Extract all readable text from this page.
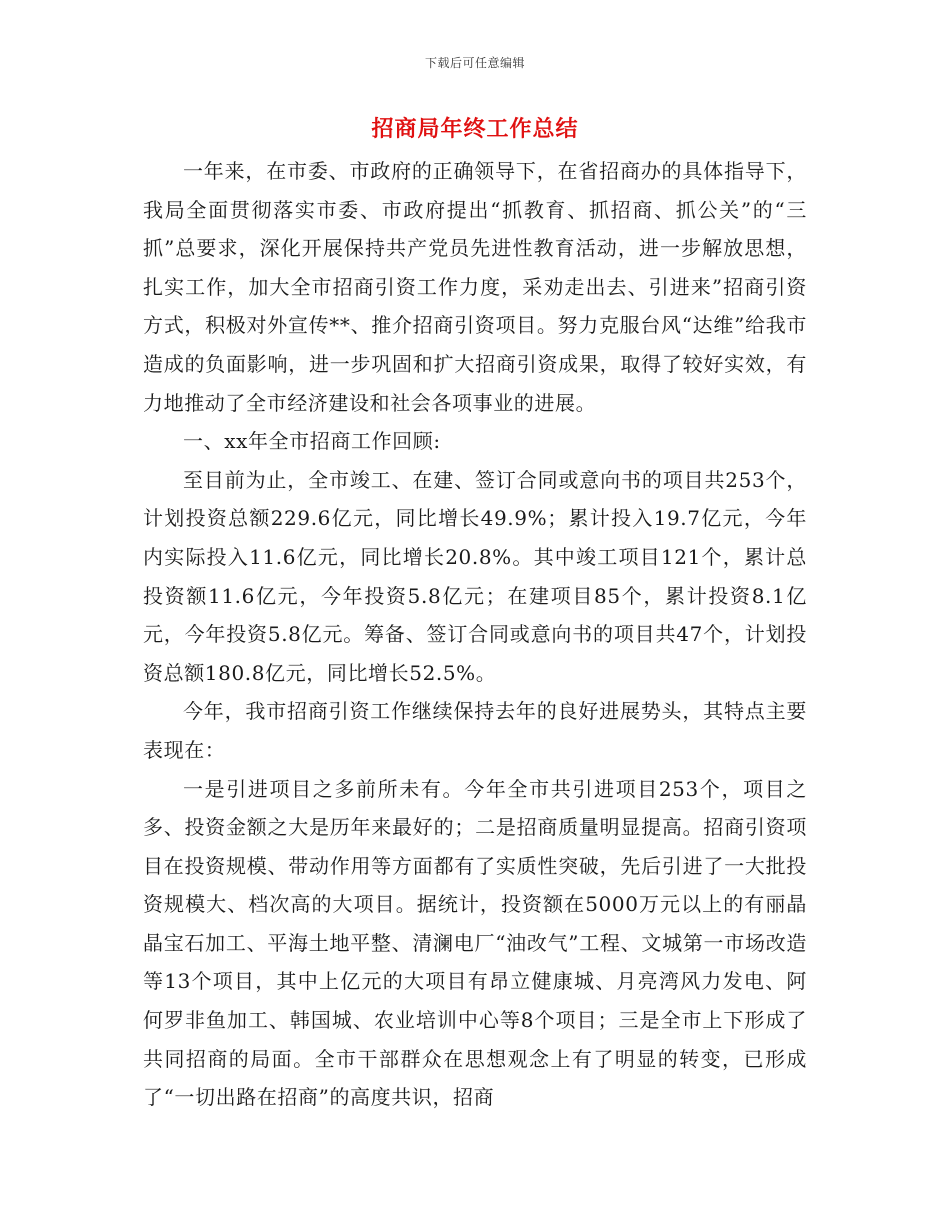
下载后可任意编辑
招商局年终工作总结

一年来，在市委、市政府的正确领导下，在省招商办的具体指导下，我局全面贯彻落实市委、市政府提出“抓教育、抓招商、抓公关”的“三抓”总要求，深化开展保持共产党员先进性教育活动，进一步解放思想，扎实工作，加大全市招商引资工作力度，采劝走出去、引进来”招商引资方式，积极对外宣传**、推介招商引资项目。努力克服台风“达维”给我市造成的负面影响，进一步巩固和扩大招商引资成果，取得了较好实效，有力地推动了全市经济建设和社会各项事业的进展。

一、xx年全市招商工作回顾:

至目前为止，全市竣工、在建、签订合同或意向书的项目共253个，计划投资总额229.6亿元，同比增长49.9%；累计投入19.7亿元，今年内实际投入11.6亿元，同比增长20.8%。其中竣工项目121个，累计总投资额11.6亿元，今年投资5.8亿元；在建项目85个，累计投资8.1亿元，今年投资5.8亿元。筹备、签订合同或意向书的项目共47个，计划投资总额180.8亿元，同比增长52.5%。

今年，我市招商引资工作继续保持去年的良好进展势头，其特点主要表现在：

一是引进项目之多前所未有。今年全市共引进项目253个，项目之多、投资金额之大是历年来最好的；二是招商质量明显提高。招商引资项目在投资规模、带动作用等方面都有了实质性突破，先后引进了一大批投资规模大、档次高的大项目。据统计，投资额在5000万元以上的有丽晶晶宝石加工、平海土地平整、清澜电厂“油改气”工程、文城第一市场改造等13个项目，其中上亿元的大项目有昂立健康城、月亮湾风力发电、阿何罗非鱼加工、韩国城、农业培训中心等8个项目；三是全市上下形成了共同招商的局面。全市干部群众在思想观念上有了明显的转变，已形成了“一切出路在招商”的高度共识，招商
